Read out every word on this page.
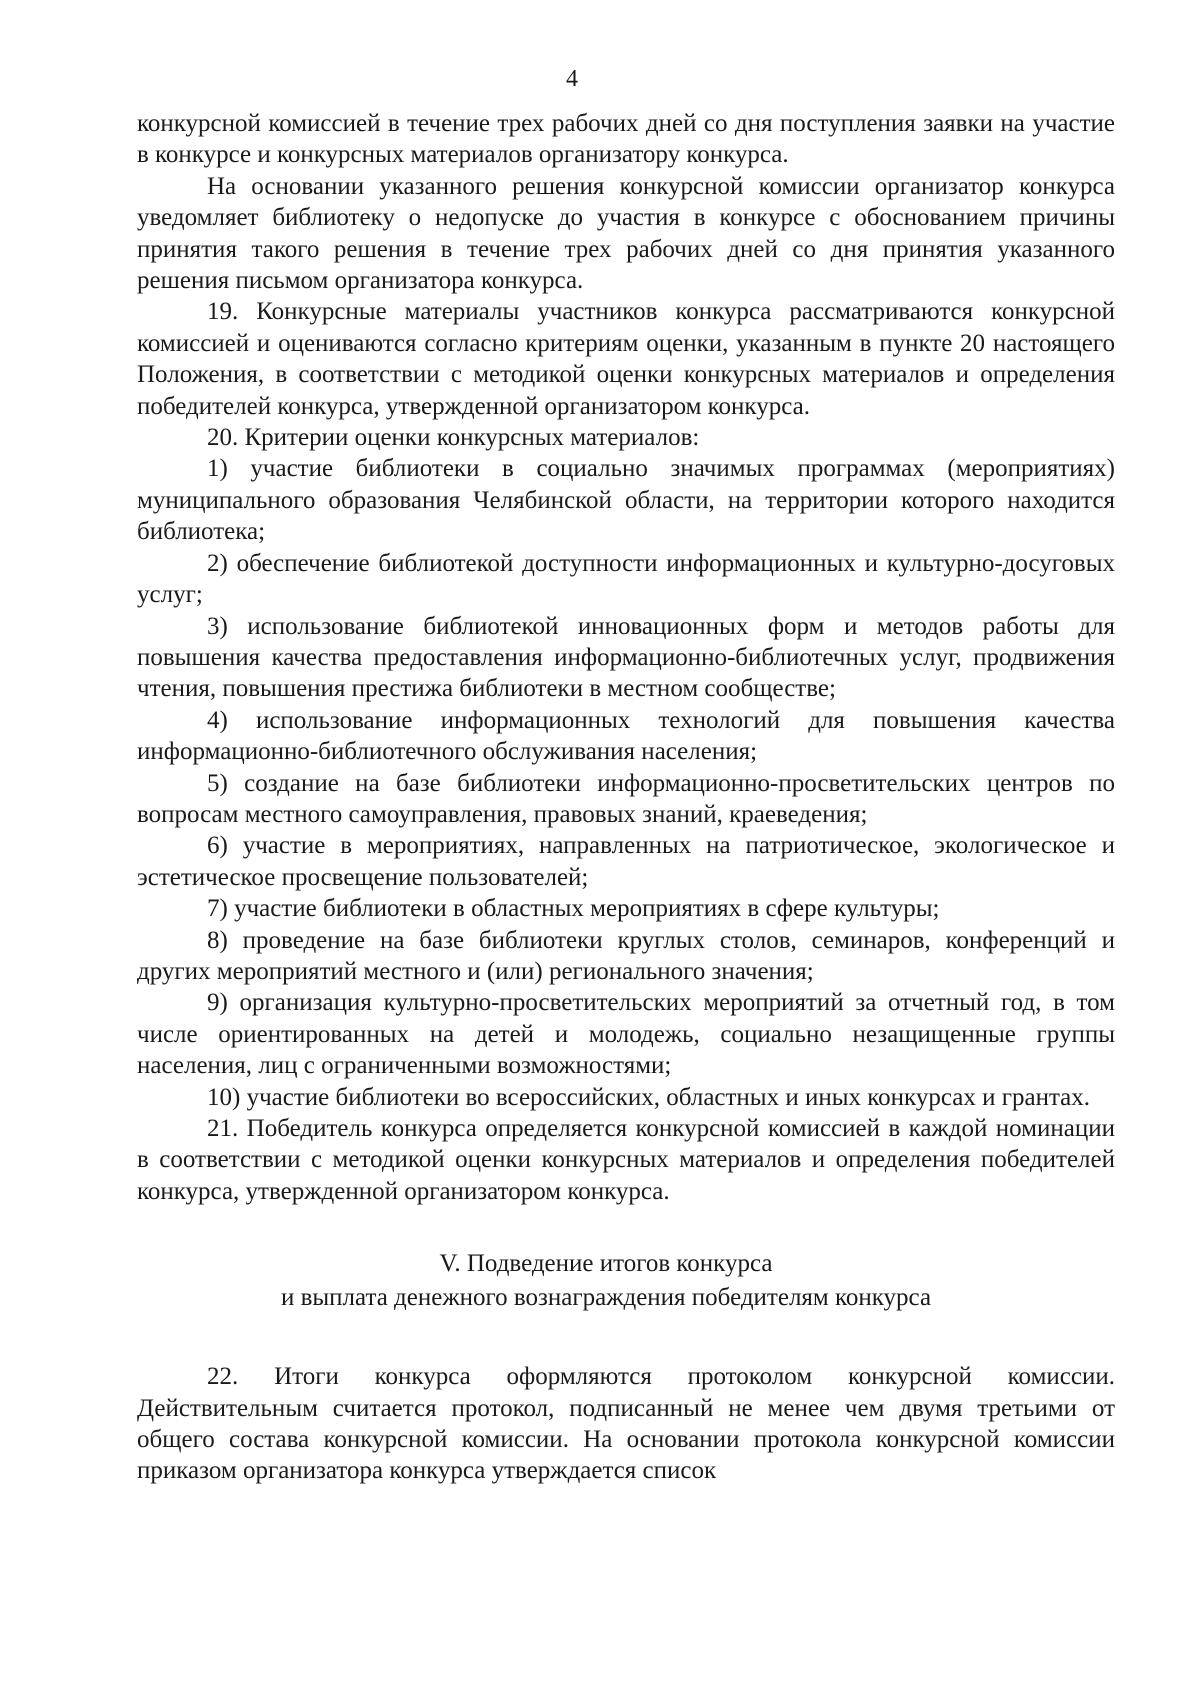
4

конкурсной комиссией в течение трех рабочих дней со дня поступления заявки на участие в конкурсе и конкурсных материалов организатору конкурса.

На основании указанного решения конкурсной комиссии организатор конкурса уведомляет библиотеку о недопуске до участия в конкурсе с обоснованием причины принятия такого решения в течение трех рабочих дней со дня принятия указанного решения письмом организатора конкурса.

19. Конкурсные материалы участников конкурса рассматриваются конкурсной комиссией и оцениваются согласно критериям оценки, указанным в пункте 20 настоящего Положения, в соответствии с методикой оценки конкурсных материалов и определения победителей конкурса, утвержденной организатором конкурса.

20. Критерии оценки конкурсных материалов:

1) участие библиотеки в социально значимых программах (мероприятиях) муниципального образования Челябинской области, на территории которого находится библиотека;

2) обеспечение библиотекой доступности информационных и культурно-досуговых услуг;

3) использование библиотекой инновационных форм и методов работы для повышения качества предоставления информационно-библиотечных услуг, продвижения чтения, повышения престижа библиотеки в местном сообществе;

4) использование информационных технологий для повышения качества информационно-библиотечного обслуживания населения;

5) создание на базе библиотеки информационно-просветительских центров по вопросам местного самоуправления, правовых знаний, краеведения;

6) участие в мероприятиях, направленных на патриотическое, экологическое и эстетическое просвещение пользователей;

7) участие библиотеки в областных мероприятиях в сфере культуры;

8) проведение на базе библиотеки круглых столов, семинаров, конференций и других мероприятий местного и (или) регионального значения;

9) организация культурно-просветительских мероприятий за отчетный год, в том числе ориентированных на детей и молодежь, социально незащищенные группы населения, лиц с ограниченными возможностями;

10) участие библиотеки во всероссийских, областных и иных конкурсах и грантах.

21. Победитель конкурса определяется конкурсной комиссией в каждой номинации в соответствии с методикой оценки конкурсных материалов и определения победителей конкурса, утвержденной организатором конкурса.

V. Подведение итогов конкурса
и выплата денежного вознаграждения победителям конкурса

22. Итоги конкурса оформляются протоколом конкурсной комиссии. Действительным считается протокол, подписанный не менее чем двумя третьими от общего состава конкурсной комиссии. На основании протокола конкурсной комиссии приказом организатора конкурса утверждается список
